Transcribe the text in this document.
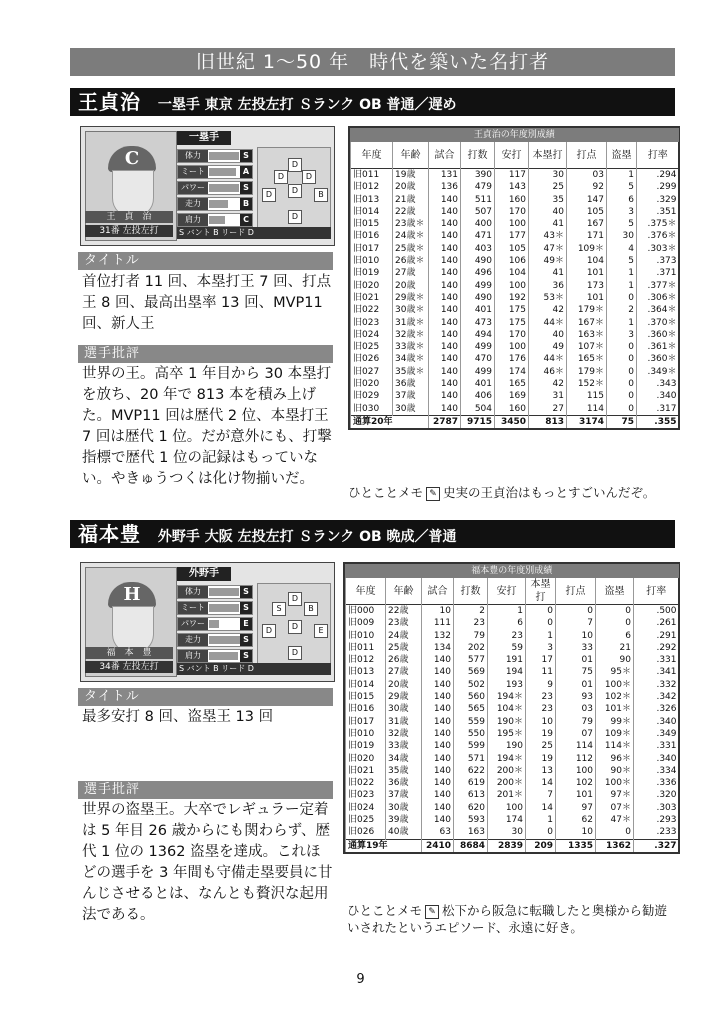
旧世紀 1〜50 年　時代を築いた名打者
王貞治 一塁手 東京 左投左打 Ｓランク OB 普通／遅め
C
一塁手
体力	S
ミート	A
パワー	S
走力	B
肩力	C
D
D	D
D	D	B
D
王　貞　治
31番 左投左打	S バント B リード D
タイトル
首位打者 11 回、本塁打王 7 回、打点王 8 回、最高出塁率 13 回、MVP11 回、新人王
選手批評
世界の王。高卒 1 年目から 30 本塁打を放ち、20 年で 813 本を積み上げた。MVP11 回は歴代 2 位、本塁打王 7 回は歴代 1 位。だが意外にも、打撃指標で歴代 1 位の記録はもっていない。やきゅうつくは化け物揃いだ。
王貞治の年度別成績
年度	年齢	試合	打数	安打	本塁打	打点	盗塁	打率
旧011	19歳	131	390	117	30	03	1	.294
旧012	20歳	136	479	143	25	92	5	.299
旧013	21歳	140	511	160	35	147	6	.329
旧014	22歳	140	507	170	40	105	3	.351
旧015	23歳＊	140	400	100	41	167	5	.375＊
旧016	24歳＊	140	471	177	43＊	171	30	.376＊
旧017	25歳＊	140	403	105	47＊	109＊	4	.303＊
旧010	26歳＊	140	490	106	49＊	104	5	.373
旧019	27歳	140	496	104	41	101	1	.371
旧020	20歳	140	499	100	36	173	1	.377＊
旧021	29歳＊	140	490	192	53＊	101	0	.306＊
旧022	30歳＊	140	401	175	42	179＊	2	.364＊
旧023	31歳＊	140	473	175	44＊	167＊	1	.370＊
旧024	32歳＊	140	494	170	40	163＊	3	.360＊
旧025	33歳＊	140	499	100	49	107＊	0	.361＊
旧026	34歳＊	140	470	176	44＊	165＊	0	.360＊
旧027	35歳＊	140	499	174	46＊	179＊	0	.349＊
旧020	36歳	140	401	165	42	152＊	0	.343
旧029	37歳	140	406	169	31	115	0	.340
旧030	30歳	140	504	160	27	114	0	.317
通算20年		2787	9715	3450	813	3174	75	.355
ひとことメモ ✎ 史実の王貞治はもっとすごいんだぞ。
福本豊 外野手 大阪 左投左打 Ｓランク OB 晩成／普通
H
外野手
体力	S
ミート	S
パワー	E
走力	S
肩力	S
D
S	B
D	D	E
D
福　本　豊
34番 左投左打	S バント B リード D
タイトル
最多安打 8 回、盗塁王 13 回
選手批評
世界の盗塁王。大卒でレギュラー定着は 5 年目 26 歳からにも関わらず、歴代 1 位の 1362 盗塁を達成。これほどの選手を 3 年間も守備走塁要員に甘んじさせるとは、なんとも贅沢な起用法である。
福本豊の年度別成績
年度	年齢	試合	打数	安打	本塁打	打点	盗塁	打率
旧000	22歳	10	2	1	0	0	0	.500
旧009	23歳	111	23	6	0	7	0	.261
旧010	24歳	132	79	23	1	10	6	.291
旧011	25歳	134	202	59	3	33	21	.292
旧012	26歳	140	577	191	17	01	90	.331
旧013	27歳	140	569	194	11	75	95＊	.341
旧014	20歳	140	502	193	9	01	100＊	.332
旧015	29歳	140	560	194＊	23	93	102＊	.342
旧016	30歳	140	565	104＊	23	03	101＊	.326
旧017	31歳	140	559	190＊	10	79	99＊	.340
旧010	32歳	140	550	195＊	19	07	109＊	.349
旧019	33歳	140	599	190	25	114	114＊	.331
旧020	34歳	140	571	194＊	19	112	96＊	.340
旧021	35歳	140	622	200＊	13	100	90＊	.334
旧022	36歳	140	619	200＊	14	102	100＊	.336
旧023	37歳	140	613	201＊	7	101	97＊	.320
旧024	30歳	140	620	100	14	97	07＊	.303
旧025	39歳	140	593	174	1	62	47＊	.293
旧026	40歳	63	163	30	0	10	0	.233
通算19年		2410	8684	2839	209	1335	1362	.327
ひとことメモ ✎ 松下から阪急に転職したと奥様から勧遊いされたというエピソード、永遠に好き。
9
